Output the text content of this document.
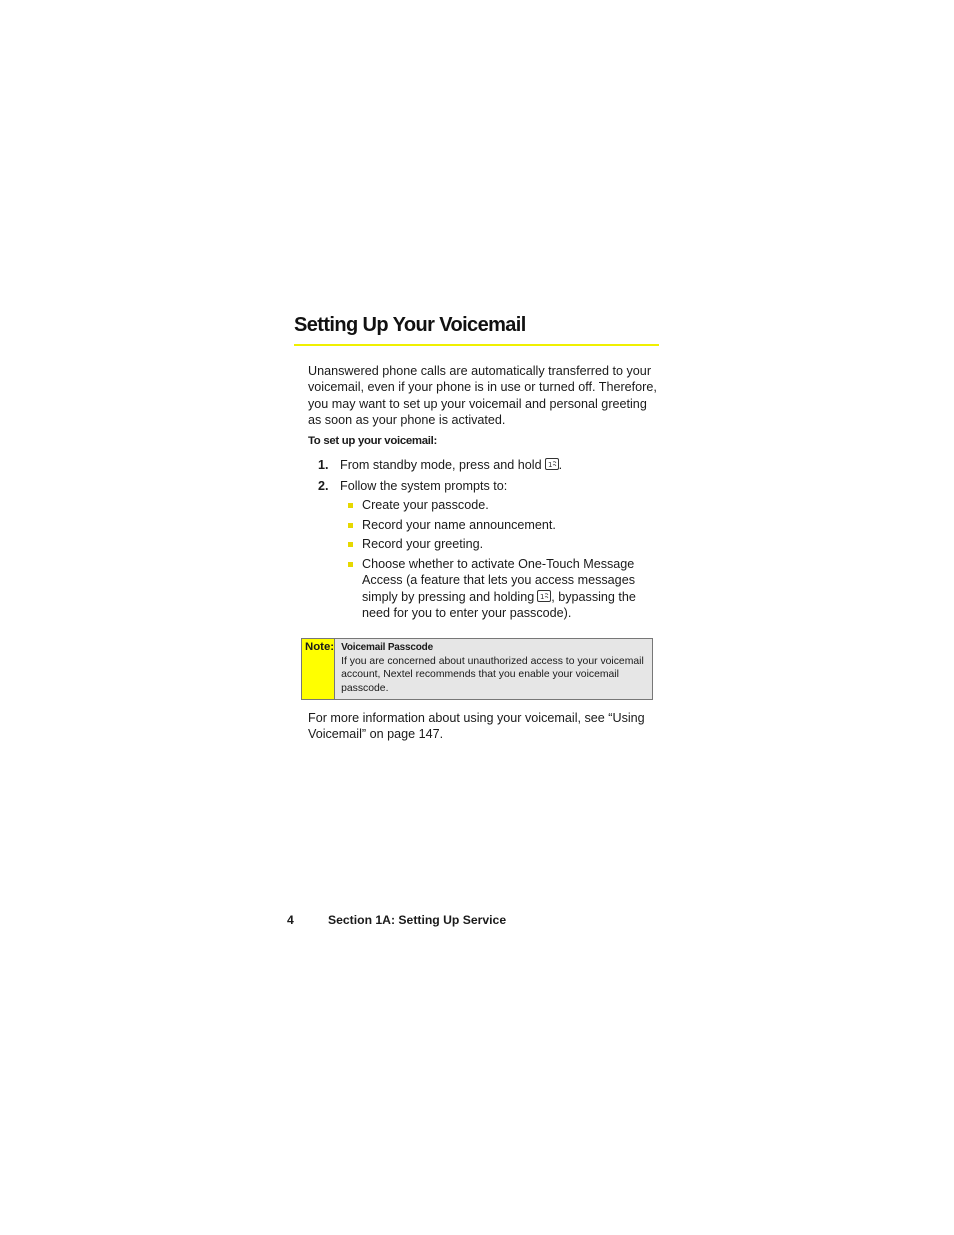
Setting Up Your Voicemail

Unanswered phone calls are automatically transferred to your voicemail, even if your phone is in use or turned off. Therefore, you may want to set up your voicemail and personal greeting as soon as your phone is activated.

To set up your voicemail:

1. From standby mode, press and hold 1 .
2. Follow the system prompts to:
Create your passcode.
Record your name announcement.
Record your greeting.
Choose whether to activate One-Touch Message Access (a feature that lets you access messages simply by pressing and holding 1 , bypassing the need for you to enter your passcode).
Note: Voicemail Passcode
If you are concerned about unauthorized access to your voicemail account, Nextel recommends that you enable your voicemail passcode.

For more information about using your voicemail, see “Using Voicemail” on page 147.

4	Section 1A: Setting Up Service
